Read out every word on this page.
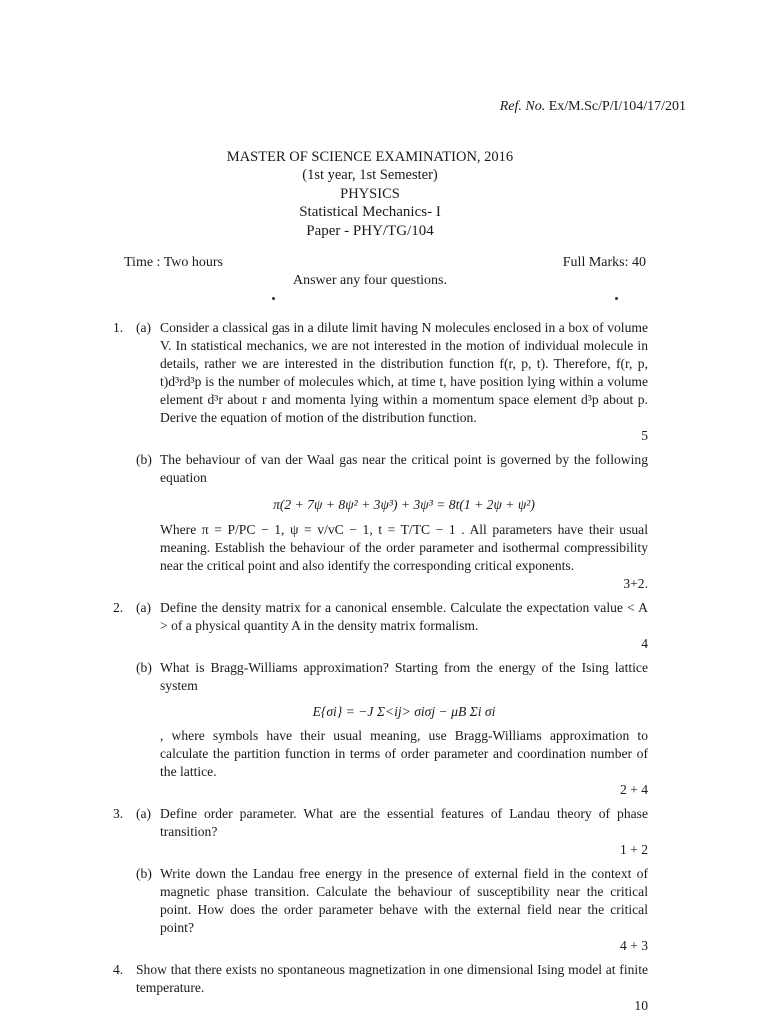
Ref. No. Ex/M.Sc/P/I/104/17/201
MASTER OF SCIENCE EXAMINATION, 2016
(1st year, 1st Semester)
PHYSICS
Statistical Mechanics- I
Paper - PHY/TG/104
Time : Two hours	Full Marks: 40
Answer any four questions.
1. (a) Consider a classical gas in a dilute limit having N molecules enclosed in a box of volume V. In statistical mechanics, we are not interested in the motion of individual molecule in details, rather we are interested in the distribution function f(r, p, t). Therefore, f(r, p, t)d³rd³p is the number of molecules which, at time t, have position lying within a volume element d³r about r and momenta lying within a momentum space element d³p about p. Derive the equation of motion of the distribution function.
5
(b) The behaviour of van der Waal gas near the critical point is governed by the following equation
π(2 + 7ψ + 8ψ² + 3ψ³) + 3ψ³ = 8t(1 + 2ψ + ψ²)
Where π = P/PC − 1, ψ = v/vC − 1, t = T/TC − 1 . All parameters have their usual meaning. Establish the behaviour of the order parameter and isothermal compressibility near the critical point and also identify the corresponding critical exponents.
3+2.
2. (a) Define the density matrix for a canonical ensemble. Calculate the expectation value < A > of a physical quantity A in the density matrix formalism.
4
(b) What is Bragg-Williams approximation? Starting from the energy of the Ising lattice system
E{σi} = −J Σ<ij> σiσj − μB Σi σi
, where symbols have their usual meaning, use Bragg-Williams approximation to calculate the partition function in terms of order parameter and coordination number of the lattice.
2 + 4
3. (a) Define order parameter. What are the essential features of Landau theory of phase transition?
1 + 2
(b) Write down the Landau free energy in the presence of external field in the context of magnetic phase transition. Calculate the behaviour of susceptibility near the critical point. How does the order parameter behave with the external field near the critical point?
4 + 3
4. Show that there exists no spontaneous magnetization in one dimensional Ising model at finite temperature.
10
